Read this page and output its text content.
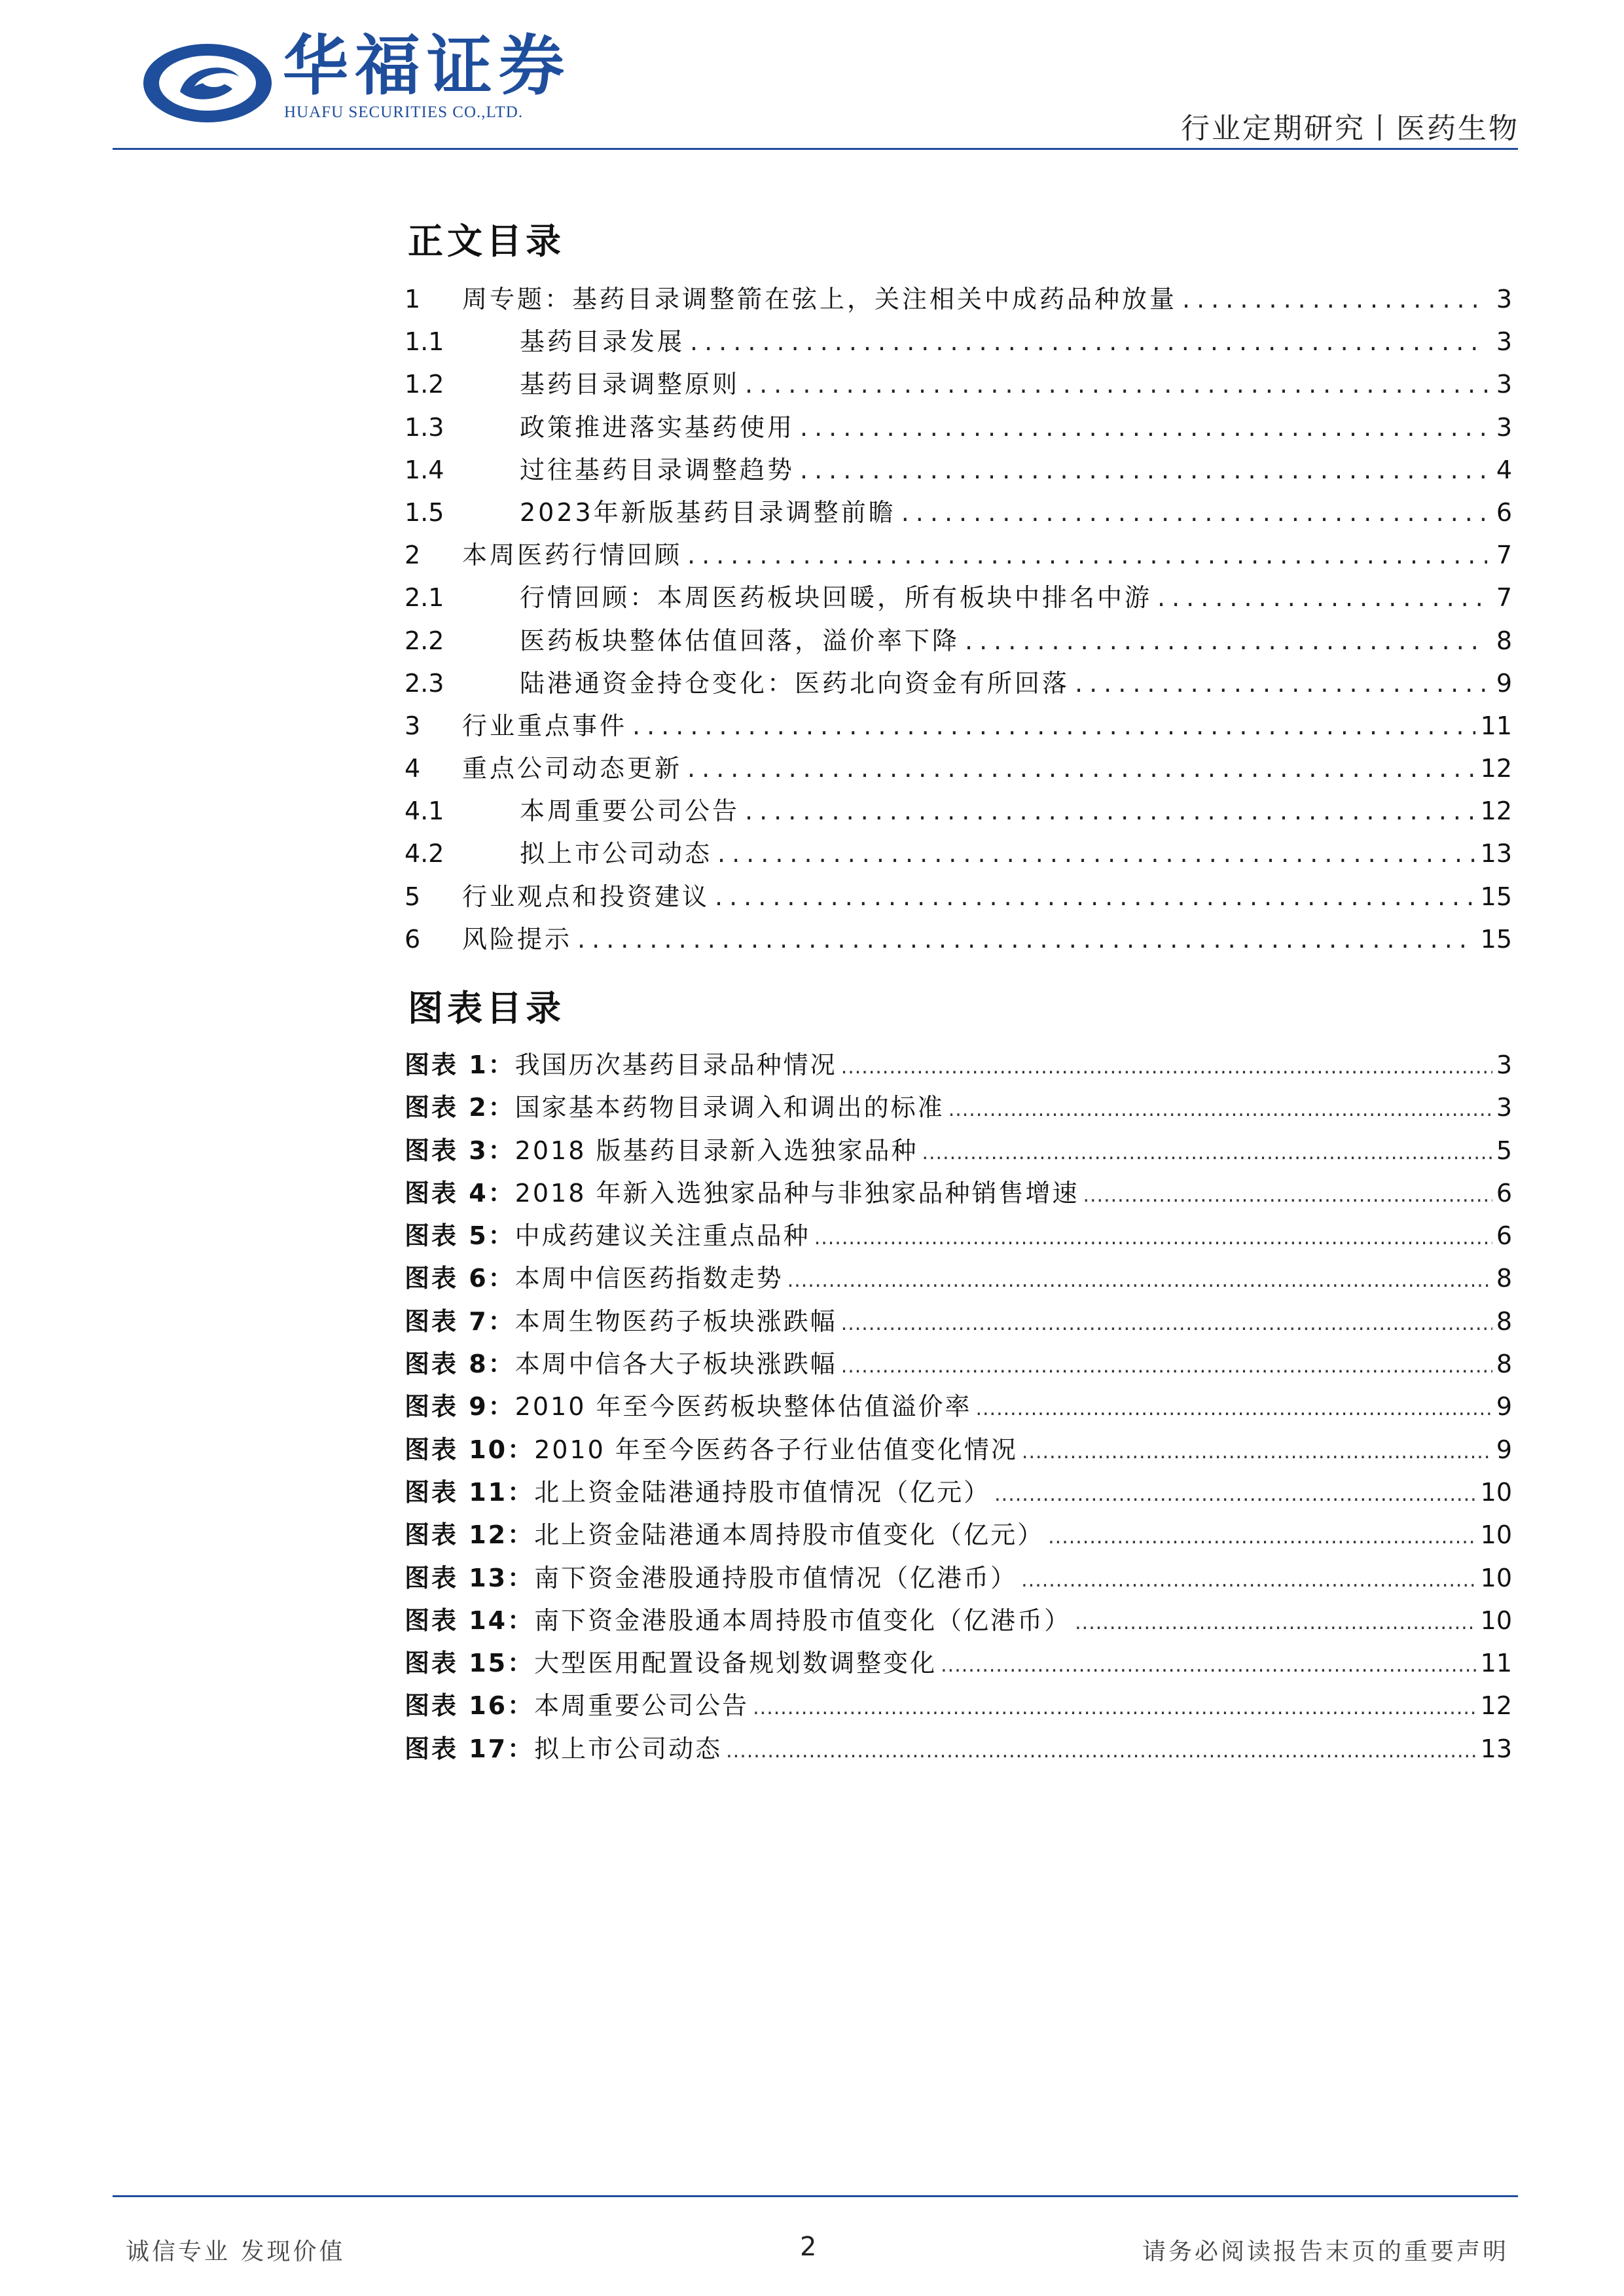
华福证券
HUAFU SECURITIES CO.,LTD.	行业定期研究丨医药生物
正文目录
1	周专题：基药目录调整箭在弦上，关注相关中成药品种放量 .....	3
1.1	基药目录发展 .....	3
1.2	基药目录调整原则 .....	3
1.3	政策推进落实基药使用 .....	3
1.4	过往基药目录调整趋势 .....	4
1.5	2023年新版基药目录调整前瞻 .....	6
2	本周医药行情回顾 .....	7
2.1	行情回顾：本周医药板块回暖，所有板块中排名中游 .....	7
2.2	医药板块整体估值回落，溢价率下降 .....	8
2.3	陆港通资金持仓变化：医药北向资金有所回落 .....	9
3	行业重点事件 .....	11
4	重点公司动态更新 .....	12
4.1	本周重要公司公告 .....	12
4.2	拟上市公司动态 .....	13
5	行业观点和投资建议 .....	15
6	风险提示 .....	15
图表目录
图表 1： 我国历次基药目录品种情况 .....	3
图表 2： 国家基本药物目录调入和调出的标准 .....	3
图表 3： 2018 版基药目录新入选独家品种 .....	5
图表 4： 2018 年新入选独家品种与非独家品种销售增速 .....	6
图表 5： 中成药建议关注重点品种 .....	6
图表 6： 本周中信医药指数走势 .....	8
图表 7： 本周生物医药子板块涨跌幅 .....	8
图表 8： 本周中信各大子板块涨跌幅 .....	8
图表 9： 2010 年至今医药板块整体估值溢价率 .....	9
图表 10： 2010 年至今医药各子行业估值变化情况 .....	9
图表 11： 北上资金陆港通持股市值情况（亿元） .....	10
图表 12： 北上资金陆港通本周持股市值变化（亿元） .....	10
图表 13： 南下资金港股通持股市值情况（亿港币） .....	10
图表 14： 南下资金港股通本周持股市值变化（亿港币） .....	10
图表 15： 大型医用配置设备规划数调整变化 .....	11
图表 16： 本周重要公司公告 .....	12
图表 17： 拟上市公司动态 .....	13
诚信专业 发现价值	2	请务必阅读报告末页的重要声明
